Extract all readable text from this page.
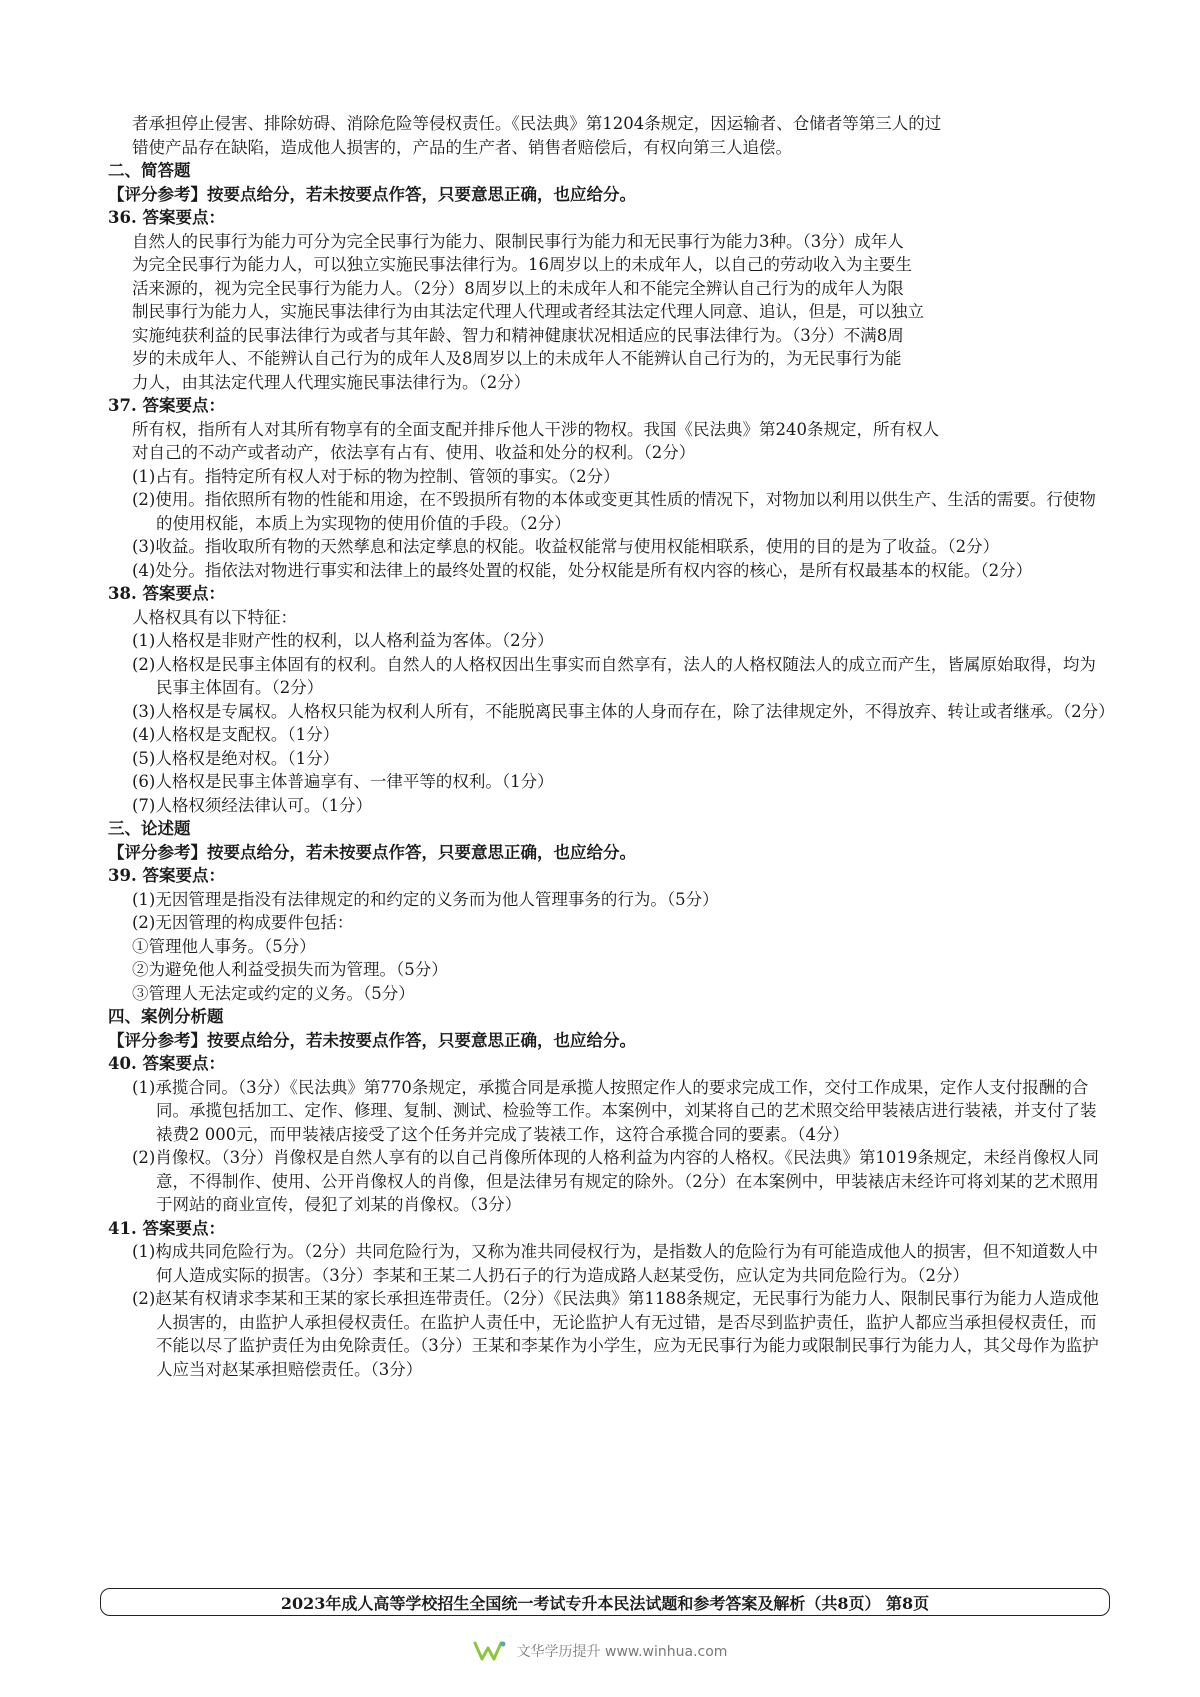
者承担停止侵害、排除妨碍、消除危险等侵权责任。《民法典》第1204条规定，因运输者、仓储者等第三人的过

错使产品存在缺陷，造成他人损害的，产品的生产者、销售者赔偿后，有权向第三人追偿。

二、简答题

【评分参考】按要点给分，若未按要点作答，只要意思正确，也应给分。

36. 答案要点：

自然人的民事行为能力可分为完全民事行为能力、限制民事行为能力和无民事行为能力3种。（3分）成年人

为完全民事行为能力人，可以独立实施民事法律行为。16周岁以上的未成年人，以自己的劳动收入为主要生

活来源的，视为完全民事行为能力人。（2分）8周岁以上的未成年人和不能完全辨认自己行为的成年人为限

制民事行为能力人，实施民事法律行为由其法定代理人代理或者经其法定代理人同意、追认，但是，可以独立

实施纯获利益的民事法律行为或者与其年龄、智力和精神健康状况相适应的民事法律行为。（3分）不满8周

岁的未成年人、不能辨认自己行为的成年人及8周岁以上的未成年人不能辨认自己行为的，为无民事行为能

力人，由其法定代理人代理实施民事法律行为。（2分）

37. 答案要点：

所有权，指所有人对其所有物享有的全面支配并排斥他人干涉的物权。我国《民法典》第240条规定，所有权人

对自己的不动产或者动产，依法享有占有、使用、收益和处分的权利。（2分）

(1)占有。指特定所有权人对于标的物为控制、管领的事实。（2分）

(2)使用。指依照所有物的性能和用途，在不毁损所有物的本体或变更其性质的情况下，对物加以利用以供生产、生活的需要。行使物的使用权能，本质上为实现物的使用价值的手段。（2分）

(3)收益。指收取所有物的天然孳息和法定孳息的权能。收益权能常与使用权能相联系，使用的目的是为了收益。（2分）

(4)处分。指依法对物进行事实和法律上的最终处置的权能，处分权能是所有权内容的核心，是所有权最基本的权能。（2分）

38. 答案要点：

人格权具有以下特征：

(1)人格权是非财产性的权利，以人格利益为客体。（2分）

(2)人格权是民事主体固有的权利。自然人的人格权因出生事实而自然享有，法人的人格权随法人的成立而产生，皆属原始取得，均为民事主体固有。（2分）

(3)人格权是专属权。人格权只能为权利人所有，不能脱离民事主体的人身而存在，除了法律规定外，不得放弃、转让或者继承。（2分）

(4)人格权是支配权。（1分）

(5)人格权是绝对权。（1分）

(6)人格权是民事主体普遍享有、一律平等的权利。（1分）

(7)人格权须经法律认可。（1分）

三、论述题

【评分参考】按要点给分，若未按要点作答，只要意思正确，也应给分。

39. 答案要点：

(1)无因管理是指没有法律规定的和约定的义务而为他人管理事务的行为。（5分）

(2)无因管理的构成要件包括：

①管理他人事务。（5分）

②为避免他人利益受损失而为管理。（5分）

③管理人无法定或约定的义务。（5分）

四、案例分析题

【评分参考】按要点给分，若未按要点作答，只要意思正确，也应给分。

40. 答案要点：

(1)承揽合同。（3分）《民法典》第770条规定，承揽合同是承揽人按照定作人的要求完成工作，交付工作成果，定作人支付报酬的合同。承揽包括加工、定作、修理、复制、测试、检验等工作。本案例中，刘某将自己的艺术照交给甲装裱店进行装裱，并支付了装裱费2 000元，而甲装裱店接受了这个任务并完成了装裱工作，这符合承揽合同的要素。（4分）

(2)肖像权。（3分）肖像权是自然人享有的以自己肖像所体现的人格利益为内容的人格权。《民法典》第1019条规定，未经肖像权人同意，不得制作、使用、公开肖像权人的肖像，但是法律另有规定的除外。（2分）在本案例中，甲装裱店未经许可将刘某的艺术照用于网站的商业宣传，侵犯了刘某的肖像权。（3分）

41. 答案要点：

(1)构成共同危险行为。（2分）共同危险行为，又称为准共同侵权行为，是指数人的危险行为有可能造成他人的损害，但不知道数人中何人造成实际的损害。（3分）李某和王某二人扔石子的行为造成路人赵某受伤，应认定为共同危险行为。（2分）

(2)赵某有权请求李某和王某的家长承担连带责任。（2分）《民法典》第1188条规定，无民事行为能力人、限制民事行为能力人造成他人损害的，由监护人承担侵权责任。在监护人责任中，无论监护人有无过错，是否尽到监护责任，监护人都应当承担侵权责任，而不能以尽了监护责任为由免除责任。（3分）王某和李某作为小学生，应为无民事行为能力或限制民事行为能力人，其父母作为监护人应当对赵某承担赔偿责任。（3分）

2023年成人高等学校招生全国统一考试专升本民法试题和参考答案及解析（共8页） 第8页
文华学历提升 www.winhua.com
